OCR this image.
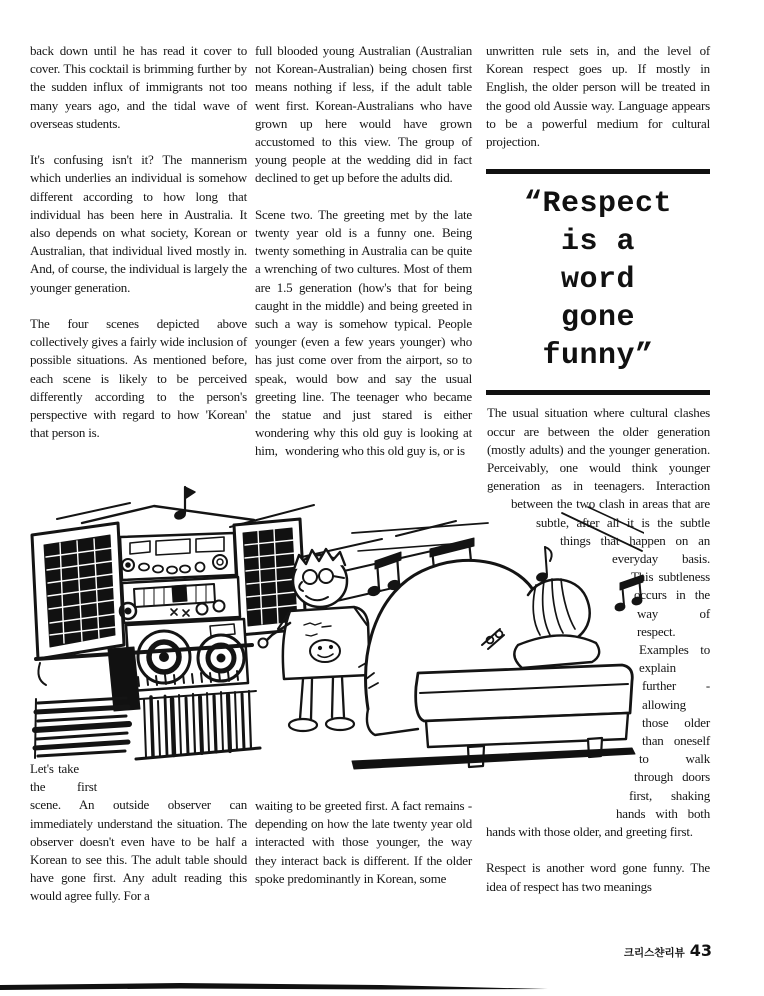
back down until he has read it cover to cover. This cocktail is brimming further by the sudden influx of immigrants not too many years ago, and the tidal wave of overseas students.
It's confusing isn't it? The mannerism which underlies an individual is somehow different according to how long that individual has been here in Australia. It also depends on what society, Korean or Australian, that individual lived mostly in. And, of course, the individual is largely the younger generation.
The four scenes depicted above collectively gives a fairly wide inclusion of possible situations. As mentioned before, each scene is likely to be perceived differently according to the person's perspective with regard to how 'Korean' that person is.
Let's take the first scene. An outside observer can immediately understand the situation. The observer doesn't even have to be half a Korean to see this. The adult table should have gone first. Any adult reading this would agree fully. For a
full blooded young Australian (Australian not Korean-Australian) being chosen first means nothing if less, if the adult table went first. Korean-Australians who have grown up here would have grown accustomed to this view. The group of young people at the wedding did in fact declined to get up before the adults did.
Scene two. The greeting met by the late twenty year old is a funny one. Being twenty something in Australia can be quite a wrenching of two cultures. Most of them are 1.5 generation (how's that for being caught in the middle) and being greeted in such a way is somehow typical. People younger (even a few years younger) who has just come over from the airport, so to speak, would bow and say the usual greeting line. The teenager who became the statue and just stared is either wondering why this old guy is looking at him, wondering who this old guy is, or is
waiting to be greeted first. A fact remains - depending on how the late twenty year old interacted with those younger, the way they interact back is different. If the older spoke predominantly in Korean, some
unwritten rule sets in, and the level of Korean respect goes up. If mostly in English, the older person will be treated in the good old Aussie way. Language appears to be a powerful medium for cultural projection.
“Respect
is a
word
gone
funny”
The usual situation where cultural clashes occur are between the older generation (mostly adults) and the younger generation. Perceivably, one would think younger generation as in teenagers. Interaction between the two clash in areas that are subtle, after all it is the subtle things that happen on an everyday basis. This subtleness occurs in the way of respect. Examples to explain further - allowing those older than oneself to walk through doors first, shaking hands with both hands with those older, and greeting first.
Respect is another word gone funny. The idea of respect has two meanings
크리스챤리뷰 43
